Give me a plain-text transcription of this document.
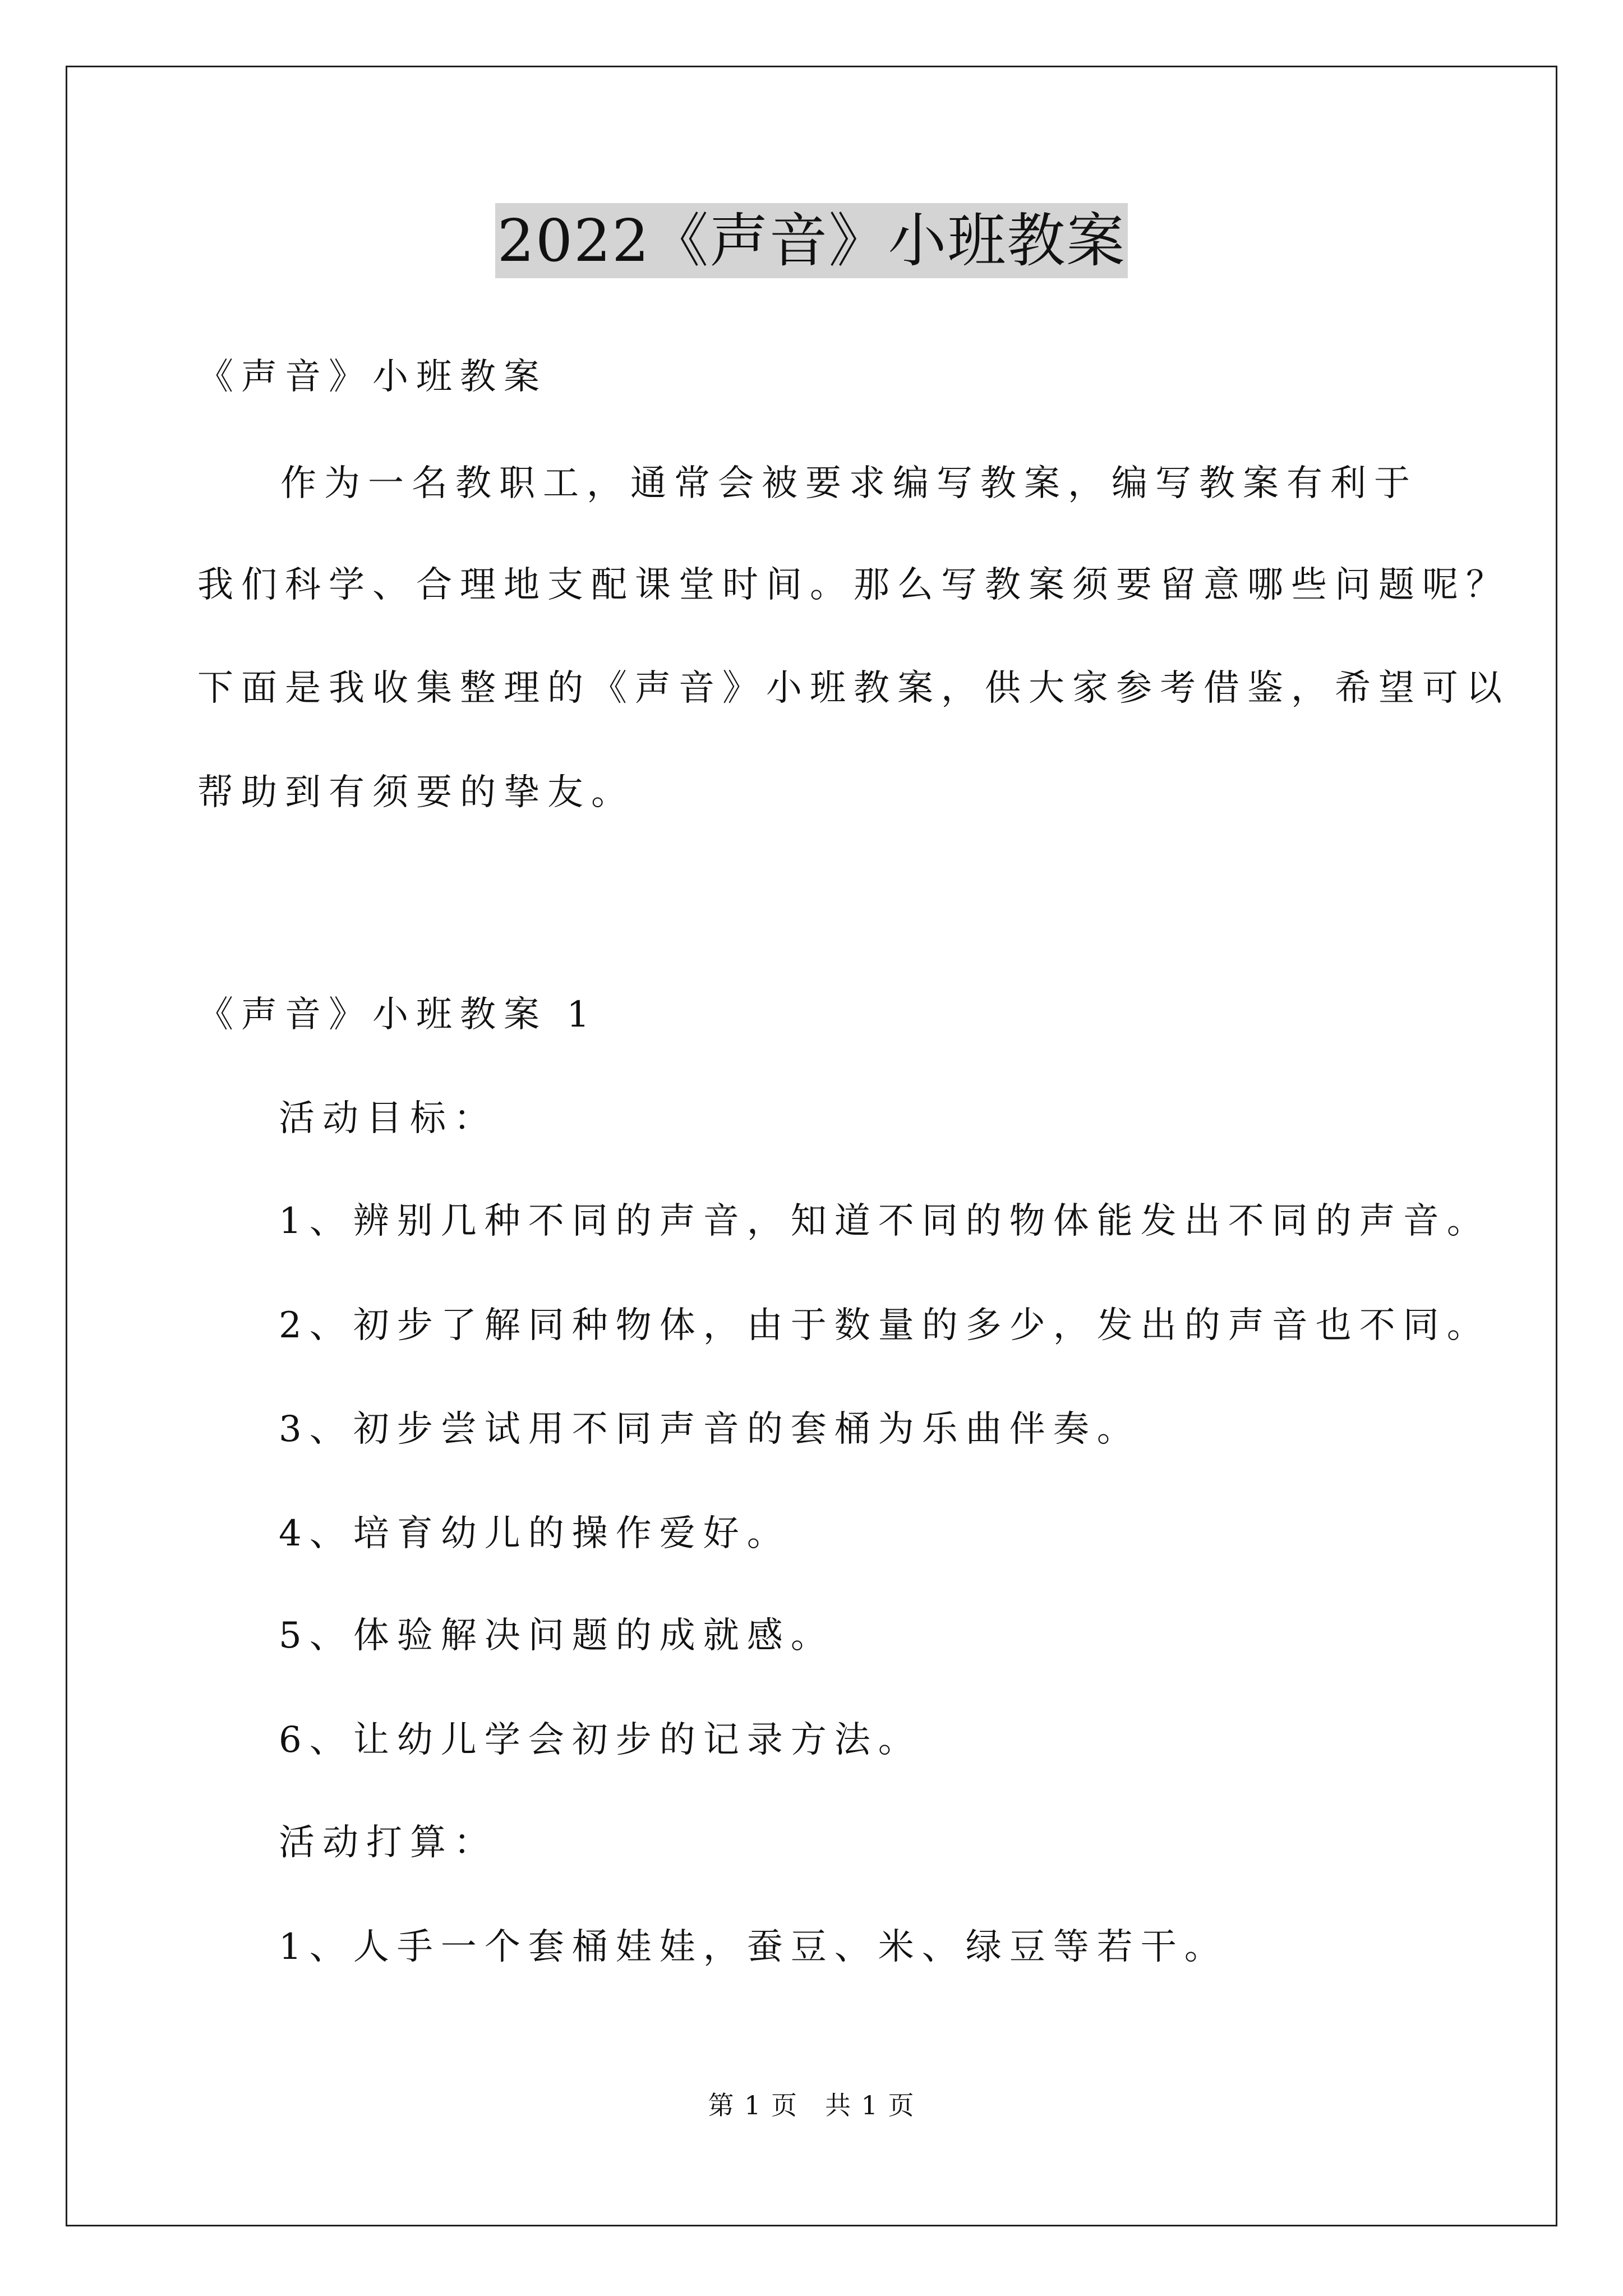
2022《声音》小班教案
《声音》小班教案
作为一名教职工，通常会被要求编写教案，编写教案有利于
我们科学、合理地支配课堂时间。那么写教案须要留意哪些问题呢？
下面是我收集整理的《声音》小班教案，供大家参考借鉴，希望可以
帮助到有须要的挚友。
《声音》小班教案 1
活动目标：
1、辨别几种不同的声音，知道不同的物体能发出不同的声音。
2、初步了解同种物体，由于数量的多少，发出的声音也不同。
3、初步尝试用不同声音的套桶为乐曲伴奏。
4、培育幼儿的操作爱好。
5、体验解决问题的成就感。
6、让幼儿学会初步的记录方法。
活动打算：
1、人手一个套桶娃娃，蚕豆、米、绿豆等若干。
第 1 页　共 1 页
